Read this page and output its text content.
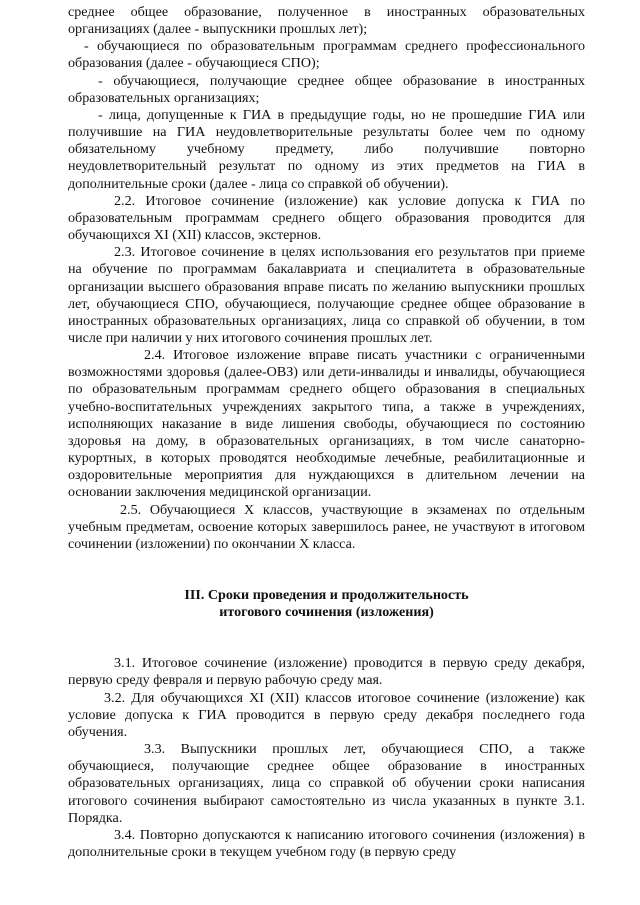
среднее общее образование, полученное в иностранных образовательных организациях (далее - выпускники прошлых лет);

- обучающиеся по образовательным программам среднего профессионального образования (далее - обучающиеся СПО);

- обучающиеся, получающие среднее общее образование в иностранных образовательных организациях;

- лица, допущенные к ГИА в предыдущие годы, но не прошедшие ГИА или получившие на ГИА неудовлетворительные результаты более чем по одному обязательному учебному предмету, либо получившие повторно неудовлетворительный результат по одному из этих предметов на ГИА в дополнительные сроки (далее - лица со справкой об обучении).

2.2. Итоговое сочинение (изложение) как условие допуска к ГИА по образовательным программам среднего общего образования проводится для обучающихся XI (XII) классов, экстернов.

2.3. Итоговое сочинение в целях использования его результатов при приеме на обучение по программам бакалавриата и специалитета в образовательные организации высшего образования вправе писать по желанию выпускники прошлых лет, обучающиеся СПО, обучающиеся, получающие среднее общее образование в иностранных образовательных организациях, лица со справкой об обучении, в том числе при наличии у них итогового сочинения прошлых лет.

2.4. Итоговое изложение вправе писать участники с ограниченными возможностями здоровья (далее-ОВЗ) или дети-инвалиды и инвалиды, обучающиеся по образовательным программам среднего общего образования в специальных учебно-воспитательных учреждениях закрытого типа, а также в учреждениях, исполняющих наказание в виде лишения свободы, обучающиеся по состоянию здоровья на дому, в образовательных организациях, в том числе санаторно-курортных, в которых проводятся необходимые лечебные, реабилитационные и оздоровительные мероприятия для нуждающихся в длительном лечении на основании заключения медицинской организации.

2.5. Обучающиеся X классов, участвующие в экзаменах по отдельным учебным предметам, освоение которых завершилось ранее, не участвуют в итоговом сочинении (изложении) по окончании X класса.

III. Сроки проведения и продолжительность

итогового сочинения (изложения)

3.1. Итоговое сочинение (изложение) проводится в первую среду декабря, первую среду февраля и первую рабочую среду мая.

3.2. Для обучающихся XI (XII) классов итоговое сочинение (изложение) как условие допуска к ГИА проводится в первую среду декабря последнего года обучения.

3.3. Выпускники прошлых лет, обучающиеся СПО, а также обучающиеся, получающие среднее общее образование в иностранных образовательных организациях, лица со справкой об обучении сроки написания итогового сочинения выбирают самостоятельно из числа указанных в пункте 3.1. Порядка.

3.4. Повторно допускаются к написанию итогового сочинения (изложения) в дополнительные сроки в текущем учебном году (в первую среду
